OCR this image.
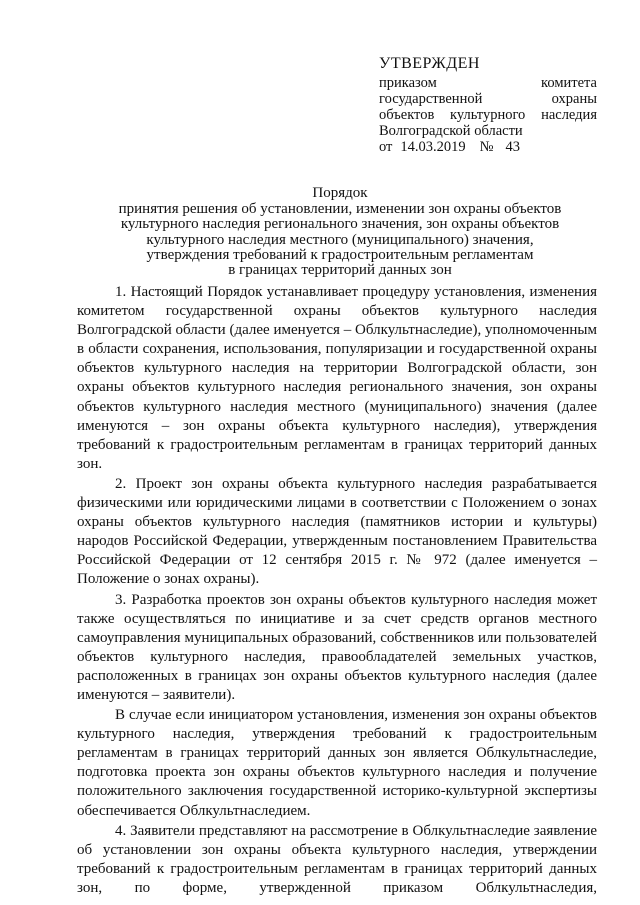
УТВЕРЖДЕН
приказом комитета
государственной охраны
объектов культурного наследия
Волгоградской области
от 14.03.2019 № 43
Порядок
принятия решения об установлении, изменении зон охраны объектов
культурного наследия регионального значения, зон охраны объектов
культурного наследия местного (муниципального) значения,
утверждения требований к градостроительным регламентам
в границах территорий данных зон

1. Настоящий Порядок устанавливает процедуру установления, изменения комитетом государственной охраны объектов культурного наследия Волгоградской области (далее именуется – Облкультнаследие), уполномоченным в области сохранения, использования, популяризации и государственной охраны объектов культурного наследия на территории Волгоградской области, зон охраны объектов культурного наследия регионального значения, зон охраны объектов культурного наследия местного (муниципального) значения (далее именуются – зон охраны объекта культурного наследия), утверждения требований к градостроительным регламентам в границах территорий данных зон.

2. Проект зон охраны объекта культурного наследия разрабатывается физическими или юридическими лицами в соответствии с Положением о зонах охраны объектов культурного наследия (памятников истории и культуры) народов Российской Федерации, утвержденным постановлением Правительства Российской Федерации от 12 сентября 2015 г. № 972 (далее именуется – Положение о зонах охраны).

3. Разработка проектов зон охраны объектов культурного наследия может также осуществляться по инициативе и за счет средств органов местного самоуправления муниципальных образований, собственников или пользователей объектов культурного наследия, правообладателей земельных участков, расположенных в границах зон охраны объектов культурного наследия (далее именуются – заявители).

В случае если инициатором установления, изменения зон охраны объектов культурного наследия, утверждения требований к градостроительным регламентам в границах территорий данных зон является Облкультнаследие, подготовка проекта зон охраны объектов культурного наследия и получение положительного заключения государственной историко-культурной экспертизы обеспечивается Облкультнаследием.

4. Заявители представляют на рассмотрение в Облкультнаследие заявление об установлении зон охраны объекта культурного наследия, утверждении требований к градостроительным регламентам в границах территорий данных зон, по форме, утвержденной приказом Облкультнаследия,
